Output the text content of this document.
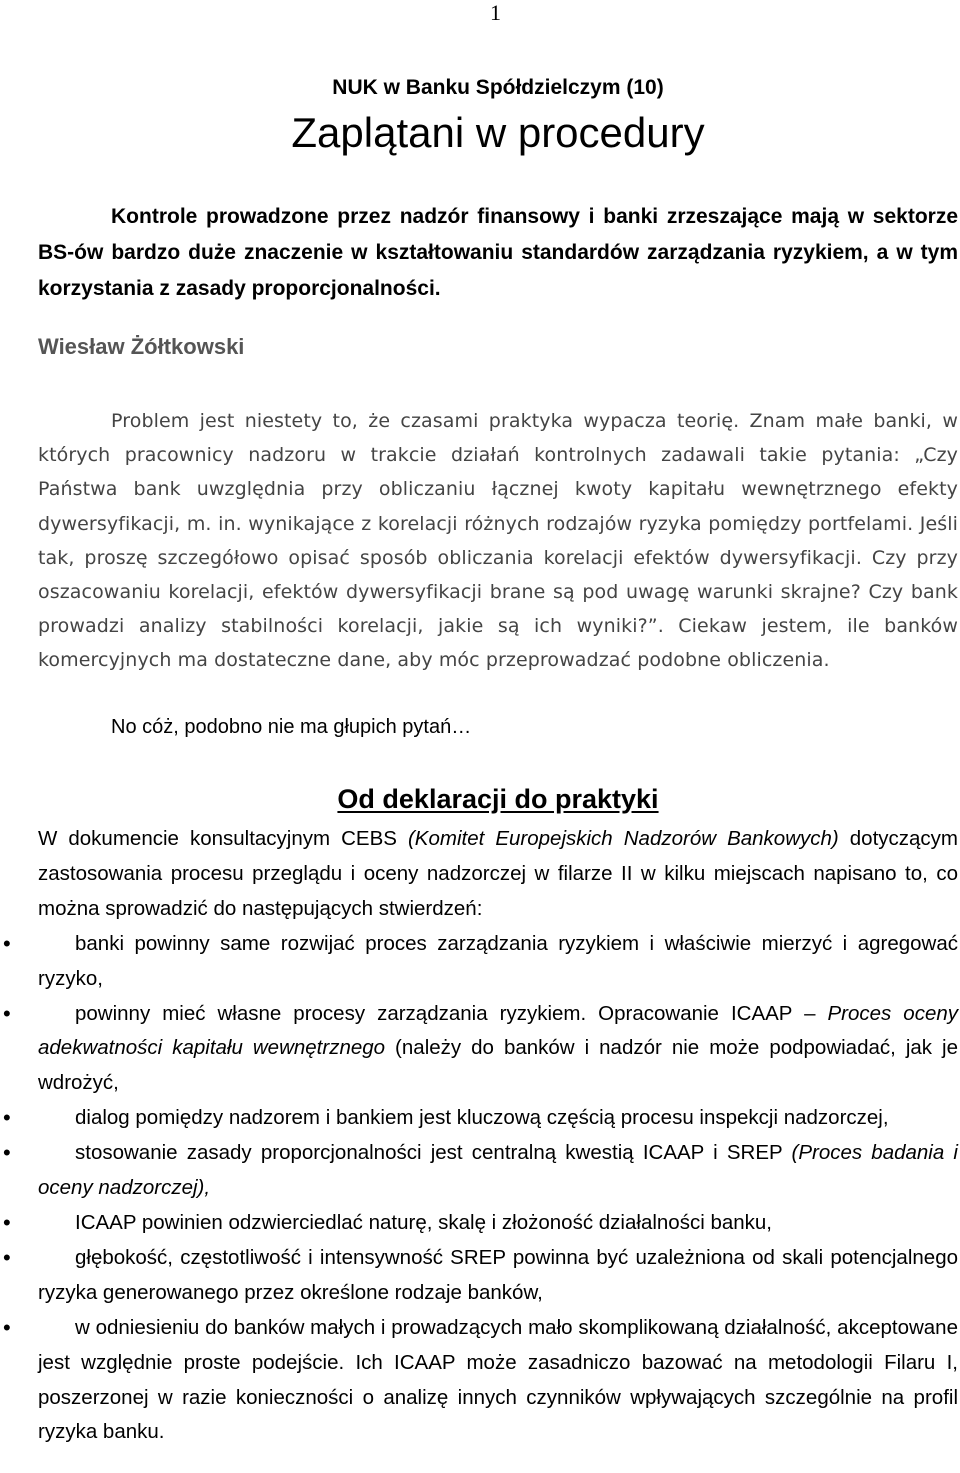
1
NUK w Banku Spółdzielczym (10)
Zaplątani w procedury
Kontrole prowadzone przez nadzór finansowy i banki zrzeszające mają w sektorze BS-ów bardzo duże znaczenie w kształtowaniu standardów zarządzania ryzykiem, a w tym korzystania z zasady proporcjonalności.
Wiesław Żółtkowski

Problem jest niestety to, że czasami praktyka wypacza teorię. Znam małe banki, w których pracownicy nadzoru w trakcie działań kontrolnych zadawali takie pytania: „Czy Państwa bank uwzględnia przy obliczaniu łącznej kwoty kapitału wewnętrznego efekty dywersyfikacji, m. in. wynikające z korelacji różnych rodzajów ryzyka pomiędzy portfelami. Jeśli tak, proszę szczegółowo opisać sposób obliczania korelacji efektów dywersyfikacji. Czy przy oszacowaniu korelacji, efektów dywersyfikacji brane są pod uwagę warunki skrajne? Czy bank prowadzi analizy stabilności korelacji, jakie są ich wyniki?”. Ciekaw jestem, ile banków komercyjnych ma dostateczne dane, aby móc przeprowadzać podobne obliczenia.

No cóż, podobno nie ma głupich pytań…
Od deklaracji do praktyki

W dokumencie konsultacyjnym CEBS (Komitet Europejskich Nadzorów Bankowych) dotyczącym zastosowania procesu przeglądu i oceny nadzorczej w filarze II w kilku miejscach napisano to, co można sprowadzić do następujących stwierdzeń:

• banki powinny same rozwijać proces zarządzania ryzykiem i właściwie mierzyć i agregować ryzyko,
• powinny mieć własne procesy zarządzania ryzykiem. Opracowanie ICAAP – Proces oceny adekwatności kapitału wewnętrznego (należy do banków i nadzór nie może podpowiadać, jak je wdrożyć,
• dialog pomiędzy nadzorem i bankiem jest kluczową częścią procesu inspekcji nadzorczej,
• stosowanie zasady proporcjonalności jest centralną kwestią ICAAP i SREP (Proces badania i oceny nadzorczej),
• ICAAP powinien odzwierciedlać naturę, skalę i złożoność działalności banku,
• głębokość, częstotliwość i intensywność SREP powinna być uzależniona od skali potencjalnego ryzyka generowanego przez określone rodzaje banków,
• w odniesieniu do banków małych i prowadzących mało skomplikowaną działalność, akceptowane jest względnie proste podejście. Ich ICAAP może zasadniczo bazować na metodologii Filaru I, poszerzonej w razie konieczności o analizę innych czynników wpływających szczególnie na profil ryzyka banku.
